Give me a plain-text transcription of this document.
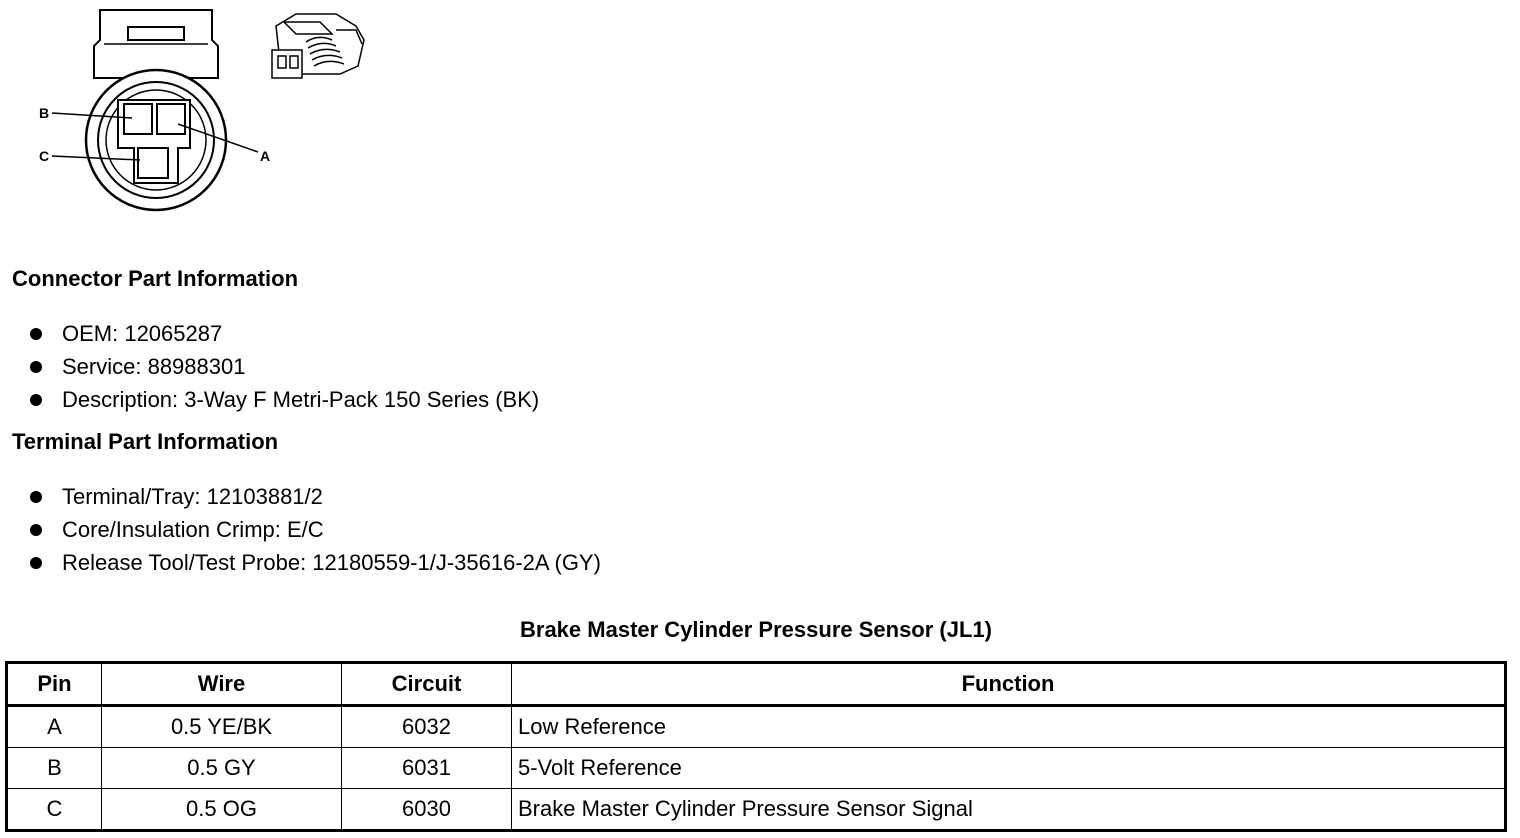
B
C	A
Connector Part Information
OEM: 12065287
Service: 88988301
Description: 3-Way F Metri-Pack 150 Series (BK)
Terminal Part Information
Terminal/Tray: 12103881/2
Core/Insulation Crimp: E/C
Release Tool/Test Probe: 12180559-1/J-35616-2A (GY)
Brake Master Cylinder Pressure Sensor (JL1)
Pin	Wire	Circuit	Function
A	0.5 YE/BK	6032	Low Reference
B	0.5 GY	6031	5-Volt Reference
C	0.5 OG	6030	Brake Master Cylinder Pressure Sensor Signal
